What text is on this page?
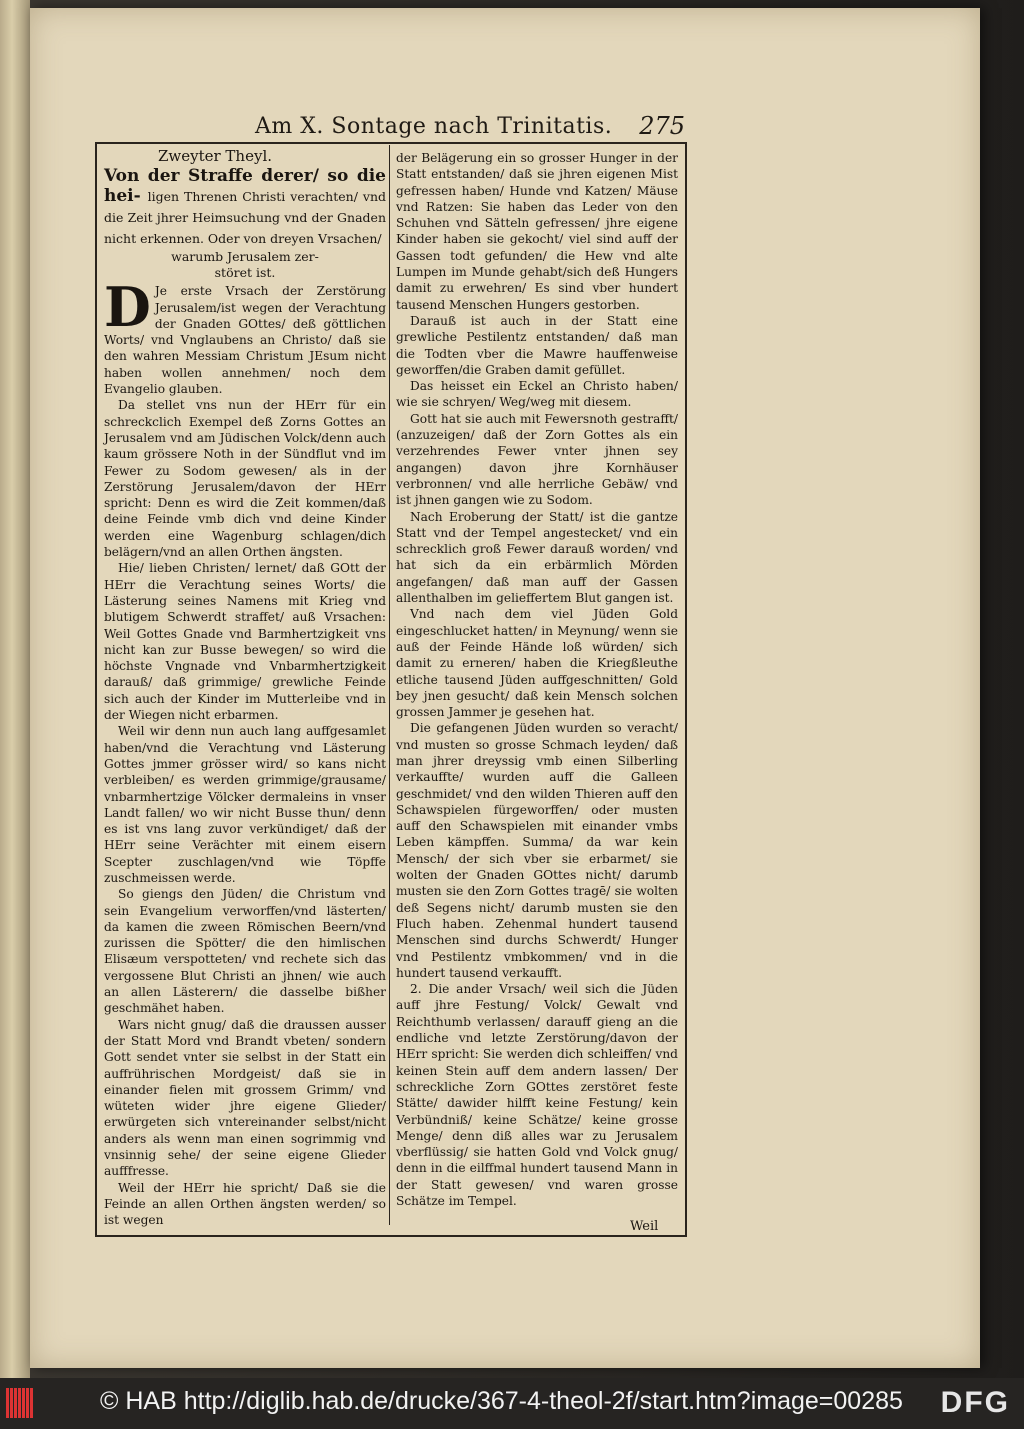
Am X. Sontage nach Trinitatis. 275
Zweyter Theyl.
Von der Straffe derer/ so die hei- ligen Threnen Christi verachten/ vnd die Zeit jhrer Heimsuchung vnd der Gnaden nicht erkennen. Oder von dreyen Vrsachen/
warumb Jerusalem zer-
störet ist.

D Je erste Vrsach der Zerstörung Jerusalem/ist wegen der Verachtung der Gnaden GOttes/ deß göttlichen Worts/ vnd Vnglaubens an Christo/ daß sie den wahren Messiam Christum JEsum nicht haben wollen annehmen/ noch dem Evangelio glauben.

Da stellet vns nun der HErr für ein schreckclich Exempel deß Zorns Gottes an Jerusalem vnd am Jüdischen Volck/denn auch kaum grössere Noth in der Sündflut vnd im Fewer zu Sodom gewesen/ als in der Zerstörung Jerusalem/davon der HErr spricht: Denn es wird die Zeit kommen/daß deine Feinde vmb dich vnd deine Kinder werden eine Wagenburg schlagen/dich belägern/vnd an allen Orthen ängsten.

Hie/ lieben Christen/ lernet/ daß GOtt der HErr die Verachtung seines Worts/ die Lästerung seines Namens mit Krieg vnd blutigem Schwerdt straffet/ auß Vrsachen: Weil Gottes Gnade vnd Barmhertzigkeit vns nicht kan zur Busse bewegen/ so wird die höchste Vngnade vnd Vnbarmhertzigkeit darauß/ daß grimmige/ grewliche Feinde sich auch der Kinder im Mutterleibe vnd in der Wiegen nicht erbarmen.

Weil wir denn nun auch lang auffgesamlet haben/vnd die Verachtung vnd Lästerung Gottes jmmer grösser wird/ so kans nicht verbleiben/ es werden grimmige/grausame/ vnbarmhertzige Völcker dermaleins in vnser Landt fallen/ wo wir nicht Busse thun/ denn es ist vns lang zuvor verkündiget/ daß der HErr seine Verächter mit einem eisern Scepter zuschlagen/vnd wie Töpffe zuschmeissen werde.

So giengs den Jüden/ die Christum vnd sein Evangelium verworffen/vnd lästerten/ da kamen die zween Römischen Beern/vnd zurissen die Spötter/ die den himlischen Elisæum verspotteten/ vnd rechete sich das vergossene Blut Christi an jhnen/ wie auch an allen Lästerern/ die dasselbe bißher geschmähet haben.

Wars nicht gnug/ daß die draussen ausser der Statt Mord vnd Brandt vbeten/ sondern Gott sendet vnter sie selbst in der Statt ein auffrührischen Mordgeist/ daß sie in einander fielen mit grossem Grimm/ vnd wüteten wider jhre eigene Glieder/ erwürgeten sich vntereinander selbst/nicht anders als wenn man einen sogrimmig vnd vnsinnig sehe/ der seine eigene Glieder aufffresse.

Weil der HErr hie spricht/ Daß sie die Feinde an allen Orthen ängsten werden/ so ist wegen

der Belägerung ein so grosser Hunger in der Statt entstanden/ daß sie jhren eigenen Mist gefressen haben/ Hunde vnd Katzen/ Mäuse vnd Ratzen: Sie haben das Leder von den Schuhen vnd Sätteln gefressen/ jhre eigene Kinder haben sie gekocht/ viel sind auff der Gassen todt gefunden/ die Hew vnd alte Lumpen im Munde gehabt/sich deß Hungers damit zu erwehren/ Es sind vber hundert tausend Menschen Hungers gestorben.

Darauß ist auch in der Statt eine grewliche Pestilentz entstanden/ daß man die Todten vber die Mawre hauffenweise geworffen/die Graben damit gefüllet.

Das heisset ein Eckel an Christo haben/ wie sie schryen/ Weg/weg mit diesem.

Gott hat sie auch mit Fewersnoth gestrafft/ (anzuzeigen/ daß der Zorn Gottes als ein verzehrendes Fewer vnter jhnen sey angangen) davon jhre Kornhäuser verbronnen/ vnd alle herrliche Gebäw/ vnd ist jhnen gangen wie zu Sodom.

Nach Eroberung der Statt/ ist die gantze Statt vnd der Tempel angestecket/ vnd ein schrecklich groß Fewer darauß worden/ vnd hat sich da ein erbärmlich Mörden angefangen/ daß man auff der Gassen allenthalben im gelieffertem Blut gangen ist.

Vnd nach dem viel Jüden Gold eingeschlucket hatten/ in Meynung/ wenn sie auß der Feinde Hände loß würden/ sich damit zu erneren/ haben die Kriegßleuthe etliche tausend Jüden auffgeschnitten/ Gold bey jnen gesucht/ daß kein Mensch solchen grossen Jammer je gesehen hat.

Die gefangenen Jüden wurden so veracht/ vnd musten so grosse Schmach leyden/ daß man jhrer dreyssig vmb einen Silberling verkauffte/ wurden auff die Galleen geschmidet/ vnd den wilden Thieren auff den Schawspielen fürgeworffen/ oder musten auff den Schawspielen mit einander vmbs Leben kämpffen. Summa/ da war kein Mensch/ der sich vber sie erbarmet/ sie wolten der Gnaden GOttes nicht/ darumb musten sie den Zorn Gottes tragē/ sie wolten deß Segens nicht/ darumb musten sie den Fluch haben. Zehenmal hundert tausend Menschen sind durchs Schwerdt/ Hunger vnd Pestilentz vmbkommen/ vnd in die hundert tausend verkaufft.

2. Die ander Vrsach/ weil sich die Jüden auff jhre Festung/ Volck/ Gewalt vnd Reichthumb verlassen/ darauff gieng an die endliche vnd letzte Zerstörung/davon der HErr spricht: Sie werden dich schleiffen/ vnd keinen Stein auff dem andern lassen/ Der schreckliche Zorn GOttes zerstöret feste Stätte/ dawider hilfft keine Festung/ kein Verbündniß/ keine Schätze/ keine grosse Menge/ denn diß alles war zu Jerusalem vberflüssig/ sie hatten Gold vnd Volck gnug/ denn in die eilffmal hundert tausend Mann in der Statt gewesen/ vnd waren grosse Schätze im Tempel.

Weil
© HAB http://diglib.hab.de/drucke/367-4-theol-2f/start.htm?image=00285 DFG
